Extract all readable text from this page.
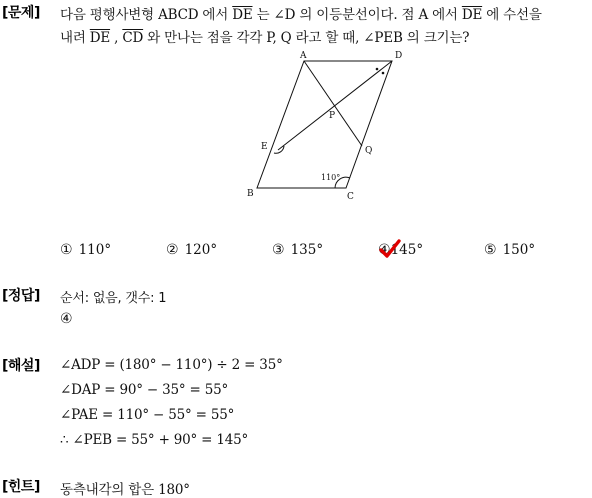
[문제] 다음 평행사변형 ABCD 에서 $\overline{DE}$ 는 ∠D 의 이등분선이다. 점 A 에서 $\overline{DE}$ 에 수선을
내려 $\overline{DE}$ , $\overline{CD}$ 와 만나는 점을 각각 P, Q 라고 할 때, ∠PEB 의 크기는?
A	D
B	C
E
P
Q
110°
① 110°	② 120°	③ 135°	④145°	⑤ 150°
[정답] 순서: 없음, 갯수: 1
④
[해설] ∠ADP = (180° − 110°) ÷ 2 = 35°
∠DAP = 90° − 35° = 55°
∠PAE = 110° − 55° = 55°
∴ ∠PEB = 55° + 90° = 145°
[힌트] 동측내각의 합은 180°
